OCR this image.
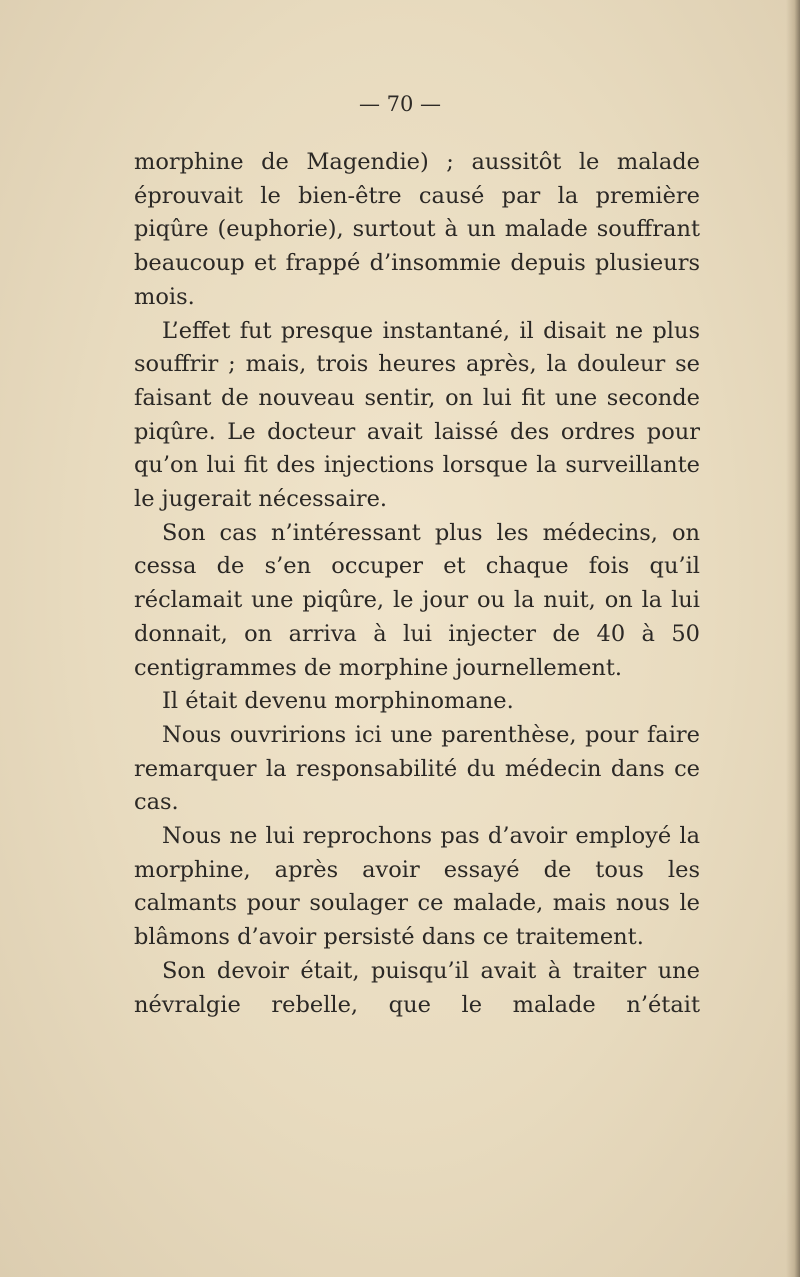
— 70 —

morphine de Magendie) ; aussitôt le malade éprouvait le bien-être causé par la première piqûre (euphorie), surtout à un malade souffrant beaucoup et frappé d’insommie depuis plusieurs mois.

L’effet fut presque instantané, il disait ne plus souffrir ; mais, trois heures après, la douleur se faisant de nouveau sentir, on lui fit une seconde piqûre. Le docteur avait laissé des ordres pour qu’on lui fit des injections lorsque la surveillante le jugerait nécessaire.

Son cas n’intéressant plus les médecins, on cessa de s’en occuper et chaque fois qu’il réclamait une piqûre, le jour ou la nuit, on la lui donnait, on arriva à lui injecter de 40 à 50 centigrammes de morphine journellement.

Il était devenu morphinomane.

Nous ouvririons ici une parenthèse, pour faire remarquer la responsabilité du médecin dans ce cas.

Nous ne lui reprochons pas d’avoir employé la morphine, après avoir essayé de tous les calmants pour soulager ce malade, mais nous le blâmons d’avoir persisté dans ce traitement.

Son devoir était, puisqu’il avait à traiter une névralgie rebelle, que le malade n’était
